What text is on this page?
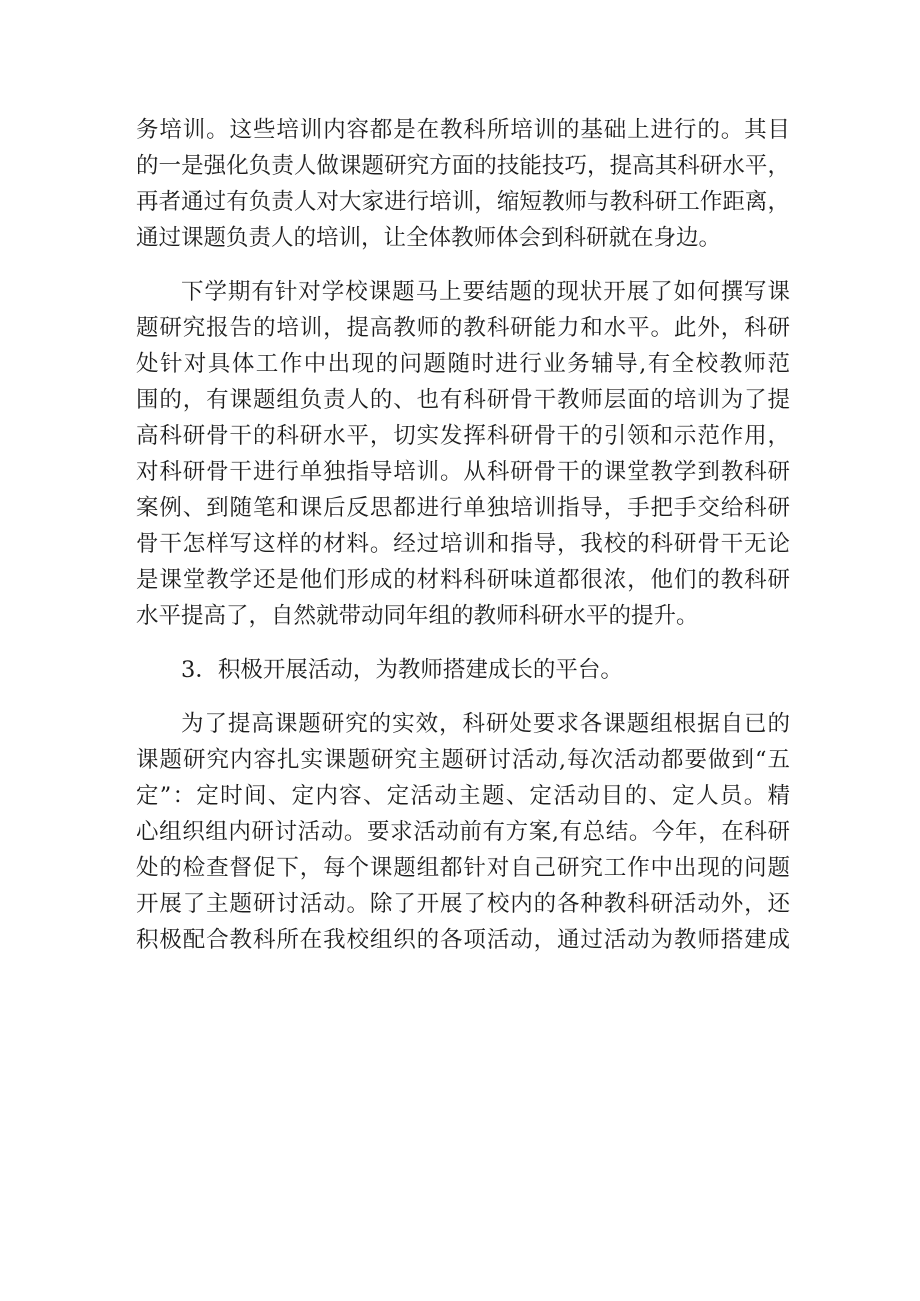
务培训。这些培训内容都是在教科所培训的基础上进行的。其目
的一是强化负责人做课题研究方面的技能技巧，提高其科研水平，
再者通过有负责人对大家进行培训，缩短教师与教科研工作距离，
通过课题负责人的培训，让全体教师体会到科研就在身边。
下学期有针对学校课题马上要结题的现状开展了如何撰写课
题研究报告的培训，提高教师的教科研能力和水平。此外，科研
处针对具体工作中出现的问题随时进行业务辅导,有全校教师范
围的，有课题组负责人的、也有科研骨干教师层面的培训为了提
高科研骨干的科研水平，切实发挥科研骨干的引领和示范作用，
对科研骨干进行单独指导培训。从科研骨干的课堂教学到教科研
案例、到随笔和课后反思都进行单独培训指导，手把手交给科研
骨干怎样写这样的材料。经过培训和指导，我校的科研骨干无论
是课堂教学还是他们形成的材料科研味道都很浓，他们的教科研
水平提高了，自然就带动同年组的教师科研水平的提升。
3．积极开展活动，为教师搭建成长的平台。
为了提高课题研究的实效，科研处要求各课题组根据自已的
课题研究内容扎实课题研究主题研讨活动,每次活动都要做到“五
定”：定时间、定内容、定活动主题、定活动目的、定人员。精
心组织组内研讨活动。要求活动前有方案,有总结。今年，在科研
处的检查督促下，每个课题组都针对自己研究工作中出现的问题
开展了主题研讨活动。除了开展了校内的各种教科研活动外，还
积极配合教科所在我校组织的各项活动，通过活动为教师搭建成
